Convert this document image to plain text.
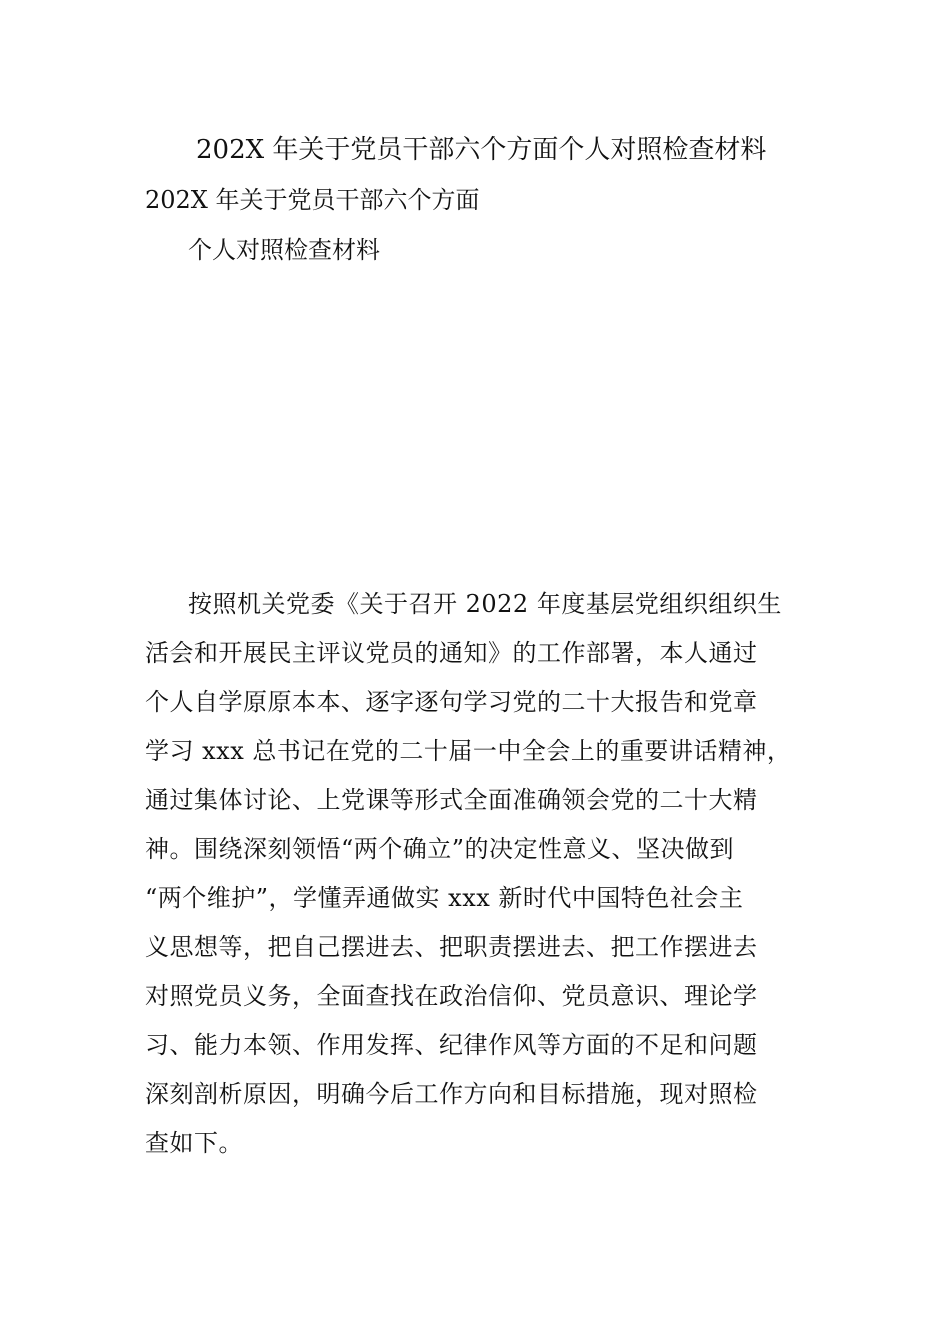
202X 年关于党员干部六个方面个人对照检查材料
202X 年关于党员干部六个方面
个人对照检查材料
按照机关党委《关于召开 2022 年度基层党组织组织生
活会和开展民主评议党员的通知》的工作部署，本人通过
个人自学原原本本、逐字逐句学习党的二十大报告和党章
学习 xxx 总书记在党的二十届一中全会上的重要讲话精神，
通过集体讨论、上党课等形式全面准确领会党的二十大精
神。围绕深刻领悟“两个确立”的决定性意义、坚决做到
“两个维护”，学懂弄通做实 xxx 新时代中国特色社会主
义思想等，把自己摆进去、把职责摆进去、把工作摆进去
对照党员义务，全面查找在政治信仰、党员意识、理论学
习、能力本领、作用发挥、纪律作风等方面的不足和问题
深刻剖析原因，明确今后工作方向和目标措施，现对照检
查如下。
